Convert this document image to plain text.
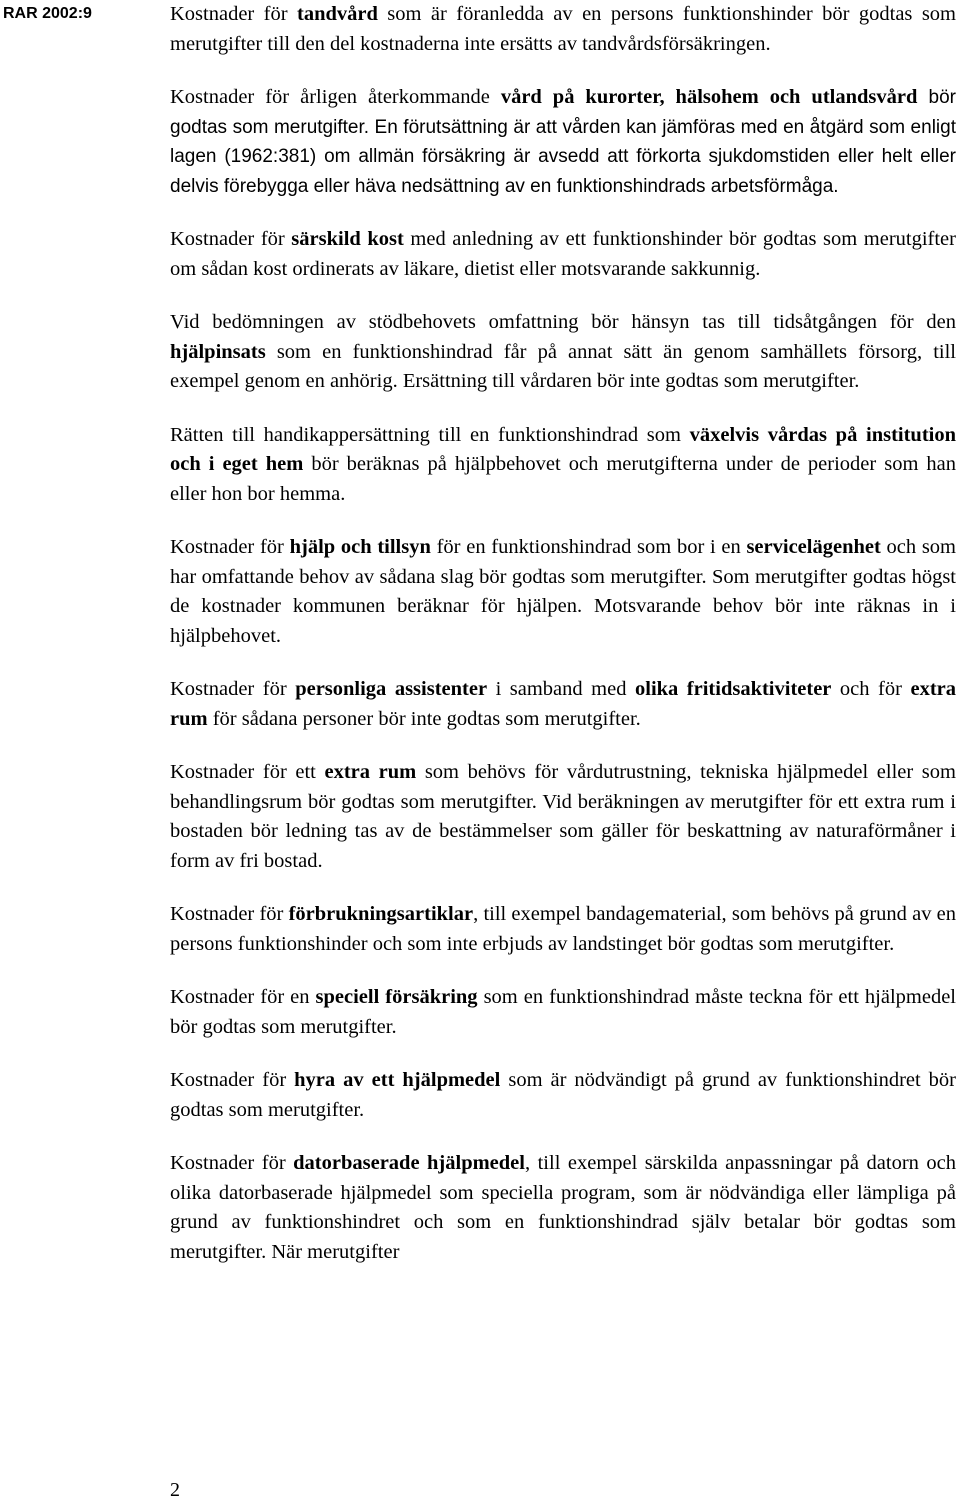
RAR 2002:9	Kostnader för tandvård som är föranledda av en persons funktionshinder bör godtas som merutgifter till den del kostnaderna inte ersätts av tandvårdsförsäkringen.

Kostnader för årligen återkommande vård på kurorter, hälsohem och utlandsvård bör godtas som merutgifter. En förutsättning är att vården kan jämföras med en åtgärd som enligt lagen (1962:381) om allmän försäkring är avsedd att förkorta sjukdomstiden eller helt eller delvis förebygga eller häva nedsättning av en funktionshindrads arbetsförmåga.

Kostnader för särskild kost med anledning av ett funktionshinder bör godtas som merutgifter om sådan kost ordinerats av läkare, dietist eller motsvarande sakkunnig.

Vid bedömningen av stödbehovets omfattning bör hänsyn tas till tidsåtgången för den hjälpinsats som en funktionshindrad får på annat sätt än genom samhällets försorg, till exempel genom en anhörig. Ersättning till vårdaren bör inte godtas som merutgifter.

Rätten till handikappersättning till en funktionshindrad som växelvis vårdas på institution och i eget hem bör beräknas på hjälpbehovet och merutgifterna under de perioder som han eller hon bor hemma.

Kostnader för hjälp och tillsyn för en funktionshindrad som bor i en servicelägenhet och som har omfattande behov av sådana slag bör godtas som merutgifter. Som merutgifter godtas högst de kostnader kommunen beräknar för hjälpen. Motsvarande behov bör inte räknas in i hjälpbehovet.

Kostnader för personliga assistenter i samband med olika fritidsaktiviteter och för extra rum för sådana personer bör inte godtas som merutgifter.

Kostnader för ett extra rum som behövs för vårdutrustning, tekniska hjälpmedel eller som behandlingsrum bör godtas som merutgifter. Vid beräkningen av merutgifter för ett extra rum i bostaden bör ledning tas av de bestämmelser som gäller för beskattning av naturaförmåner i form av fri bostad.

Kostnader för förbrukningsartiklar, till exempel bandagematerial, som behövs på grund av en persons funktionshinder och som inte erbjuds av landstinget bör godtas som merutgifter.

Kostnader för en speciell försäkring som en funktionshindrad måste teckna för ett hjälpmedel bör godtas som merutgifter.

Kostnader för hyra av ett hjälpmedel som är nödvändigt på grund av funktionshindret bör godtas som merutgifter.

Kostnader för datorbaserade hjälpmedel, till exempel särskilda anpassningar på datorn och olika datorbaserade hjälpmedel som speciella program, som är nödvändiga eller lämpliga på grund av funktionshindret och som en funktionshindrad själv betalar bör godtas som merutgifter. När merutgifter

2
